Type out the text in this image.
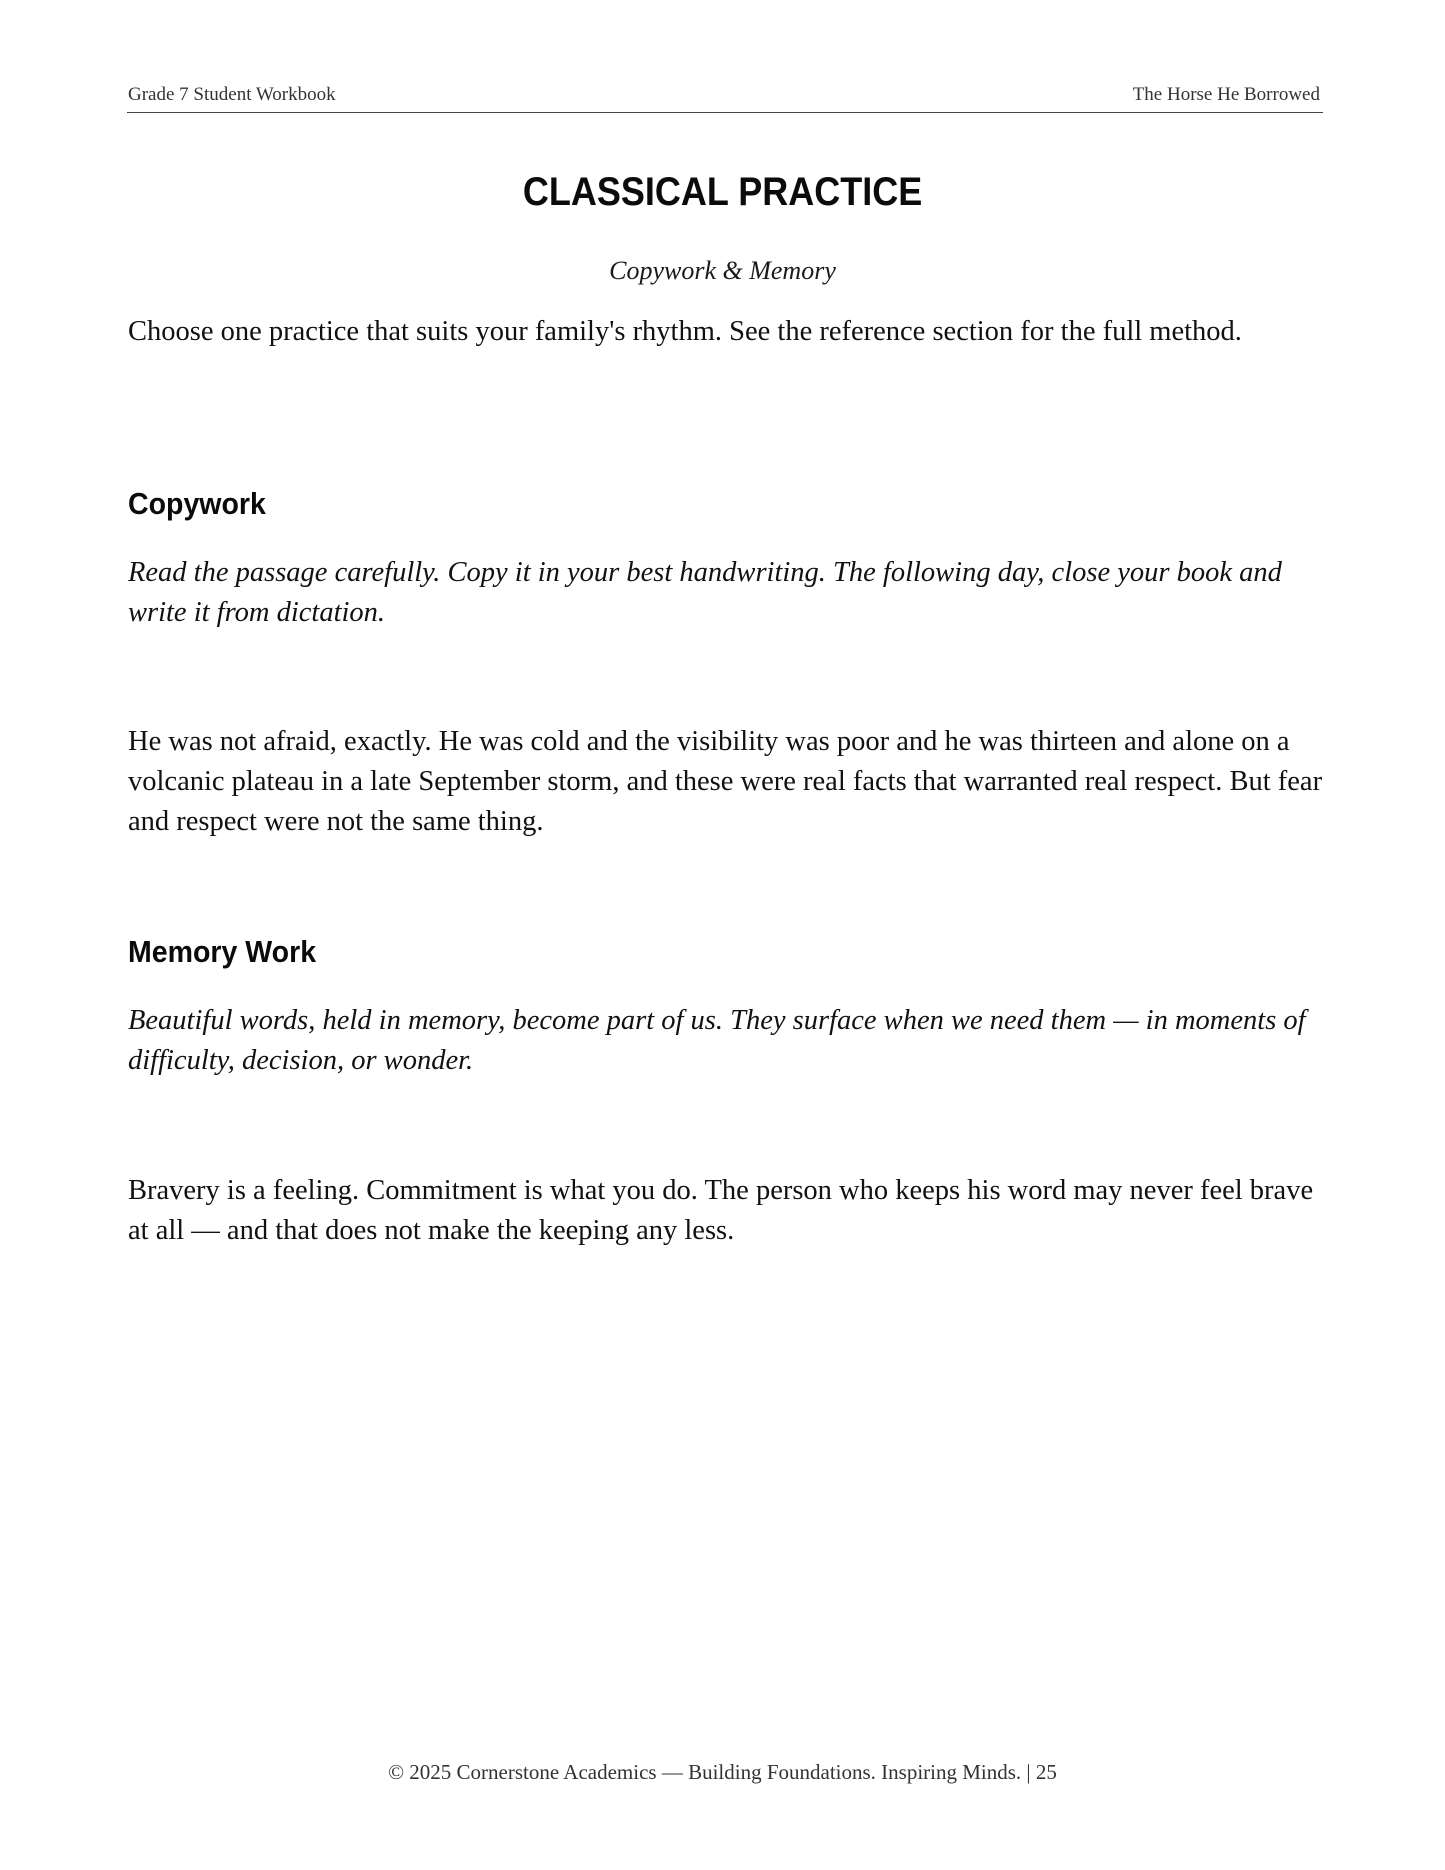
Grade 7 Student Workbook	The Horse He Borrowed
CLASSICAL PRACTICE
Copywork & Memory
Choose one practice that suits your family's rhythm. See the reference section for the full method.
Copywork
Read the passage carefully. Copy it in your best handwriting. The following day, close your book and write it from dictation.
He was not afraid, exactly. He was cold and the visibility was poor and he was thirteen and alone on a volcanic plateau in a late September storm, and these were real facts that warranted real respect. But fear and respect were not the same thing.
Memory Work
Beautiful words, held in memory, become part of us. They surface when we need them — in moments of difficulty, decision, or wonder.
Bravery is a feeling. Commitment is what you do. The person who keeps his word may never feel brave at all — and that does not make the keeping any less.
© 2025 Cornerstone Academics — Building Foundations. Inspiring Minds. | 25
